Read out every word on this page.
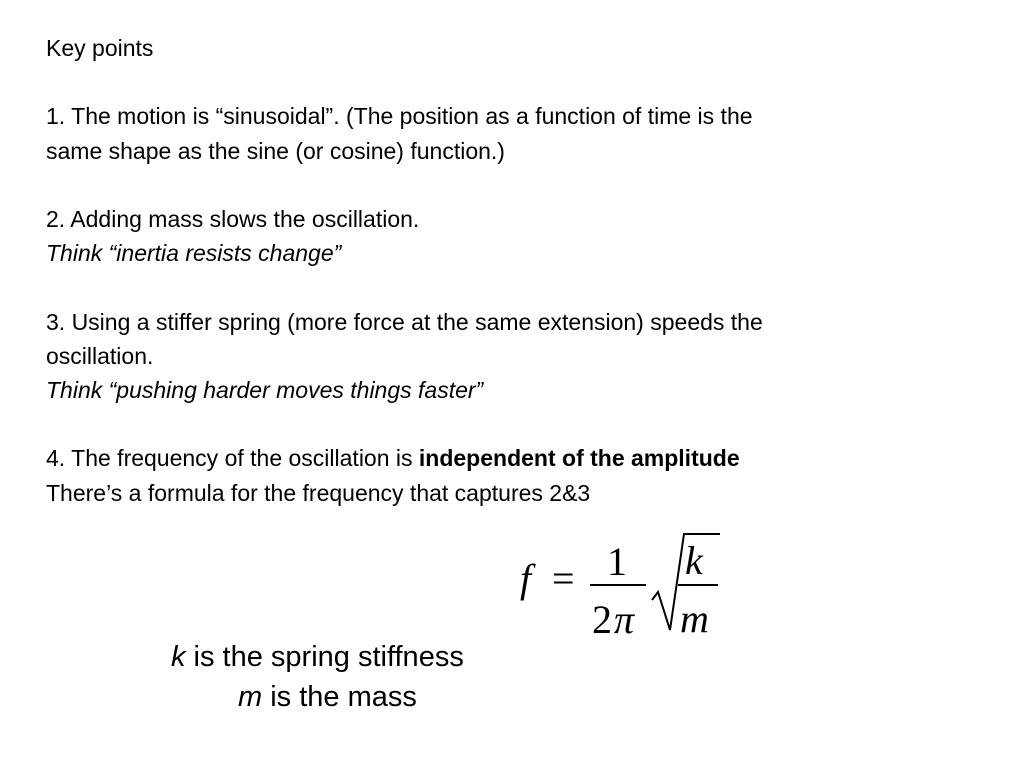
Key points
1. The motion is “sinusoidal”. (The position as a function of time is the
same shape as the sine (or cosine) function.)
2. Adding mass slows the oscillation.
Think “inertia resists change”
3. Using a stiffer spring (more force at the same extension) speeds the
oscillation.
Think “pushing harder moves things faster”
4. The frequency of the oscillation is independent of the amplitude
There’s a formula for the frequency that captures 2&3
f = 1
2 π
k
m
k is the spring stiffness
m is the mass
